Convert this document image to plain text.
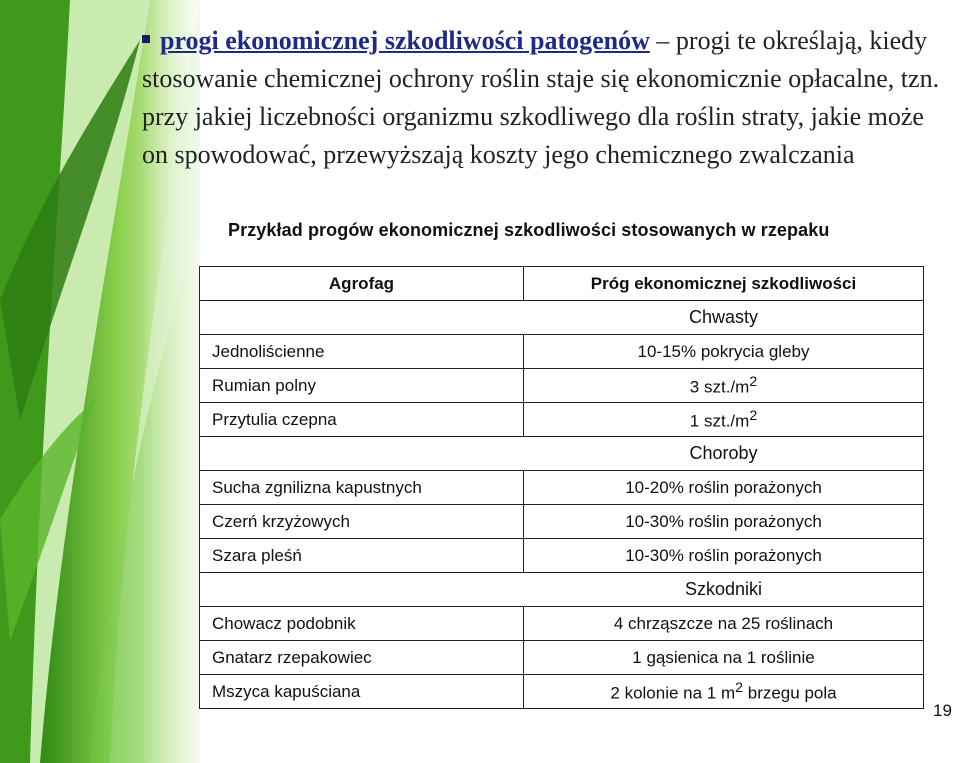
progi ekonomicznej szkodliwości patogenów – progi te określają, kiedy stosowanie chemicznej ochrony roślin staje się ekonomicznie opłacalne, tzn. przy jakiej liczebności organizmu szkodliwego dla roślin straty, jakie może on spowodować, przewyższają koszty jego chemicznego zwalczania
Przykład progów ekonomicznej szkodliwości stosowanych w rzepaku
Agrofag	Próg ekonomicznej szkodliwości
Chwasty	
Jednoliścienne	10-15% pokrycia gleby
Rumian polny	3 $szt./m^2$
Przytulia czepna	1 $szt./m^2$
Choroby	
Sucha zgnilizna kapustnych	10-20% roślin porażonych
Czerń krzyżowych	10-30% roślin porażonych
Szara pleśń	10-30% roślin porażonych
Szkodniki	
Chowacz podobnik	4 chrząszcze na 25 roślinach
Gnatarz rzepakowiec	1 gąsienica na 1 roślinie
Mszyca kapuściana	2 kolonie na 1 $m^2$ brzegu pola
19
